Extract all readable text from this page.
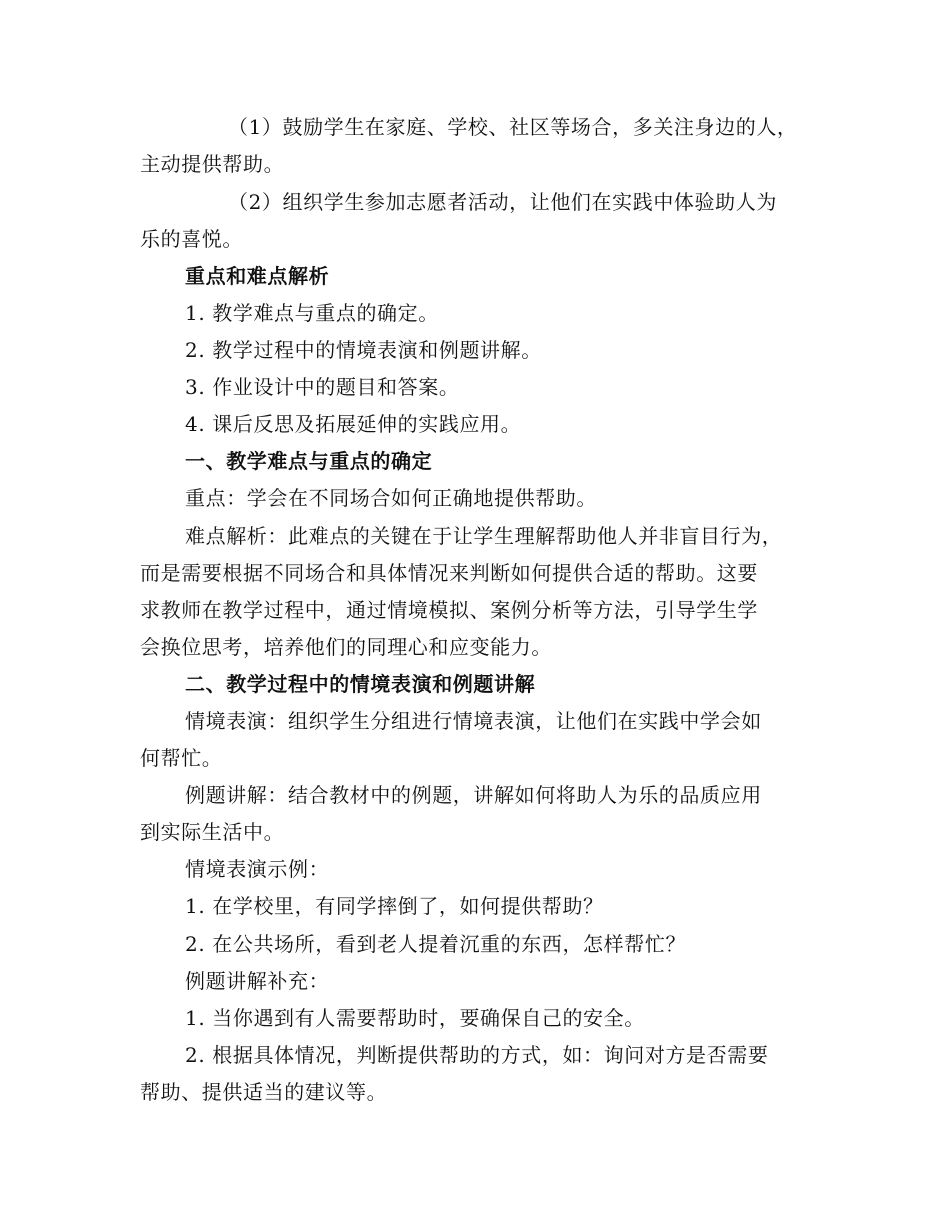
（1）鼓励学生在家庭、学校、社区等场合，多关注身边的人，
主动提供帮助。
（2）组织学生参加志愿者活动，让他们在实践中体验助人为
乐的喜悦。
重点和难点解析
1. 教学难点与重点的确定。
2. 教学过程中的情境表演和例题讲解。
3. 作业设计中的题目和答案。
4. 课后反思及拓展延伸的实践应用。
一、教学难点与重点的确定
重点：学会在不同场合如何正确地提供帮助。
难点解析：此难点的关键在于让学生理解帮助他人并非盲目行为，
而是需要根据不同场合和具体情况来判断如何提供合适的帮助。这要
求教师在教学过程中，通过情境模拟、案例分析等方法，引导学生学
会换位思考，培养他们的同理心和应变能力。
二、教学过程中的情境表演和例题讲解
情境表演：组织学生分组进行情境表演，让他们在实践中学会如
何帮忙。
例题讲解：结合教材中的例题，讲解如何将助人为乐的品质应用
到实际生活中。
情境表演示例：
1. 在学校里，有同学摔倒了，如何提供帮助？
2. 在公共场所，看到老人提着沉重的东西，怎样帮忙？
例题讲解补充：
1. 当你遇到有人需要帮助时，要确保自己的安全。
2. 根据具体情况，判断提供帮助的方式，如：询问对方是否需要
帮助、提供适当的建议等。
